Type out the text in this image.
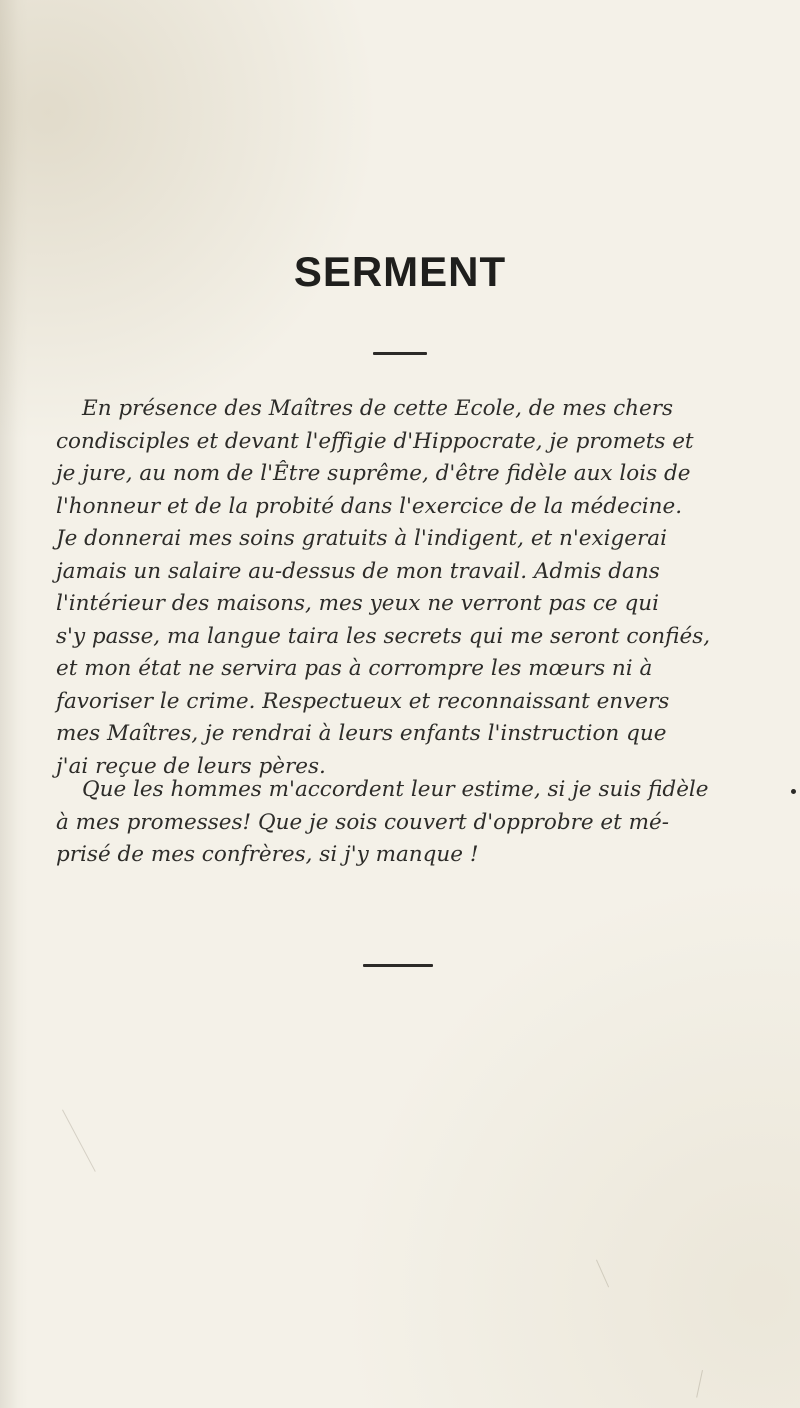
SERMENT
En présence des Maîtres de cette Ecole, de mes chers
condisciples et devant l'effigie d'Hippocrate, je promets et
je jure, au nom de l'Être suprême, d'être fidèle aux lois de
l'honneur et de la probité dans l'exercice de la médecine.
Je donnerai mes soins gratuits à l'indigent, et n'exigerai
jamais un salaire au-dessus de mon travail. Admis dans
l'intérieur des maisons, mes yeux ne verront pas ce qui
s'y passe, ma langue taira les secrets qui me seront confiés,
et mon état ne servira pas à corrompre les mœurs ni à
favoriser le crime. Respectueux et reconnaissant envers
mes Maîtres, je rendrai à leurs enfants l'instruction que
j'ai reçue de leurs pères.
Que les hommes m'accordent leur estime, si je suis fidèle
à mes promesses! Que je sois couvert d'opprobre et mé-
prisé de mes confrères, si j'y manque !
